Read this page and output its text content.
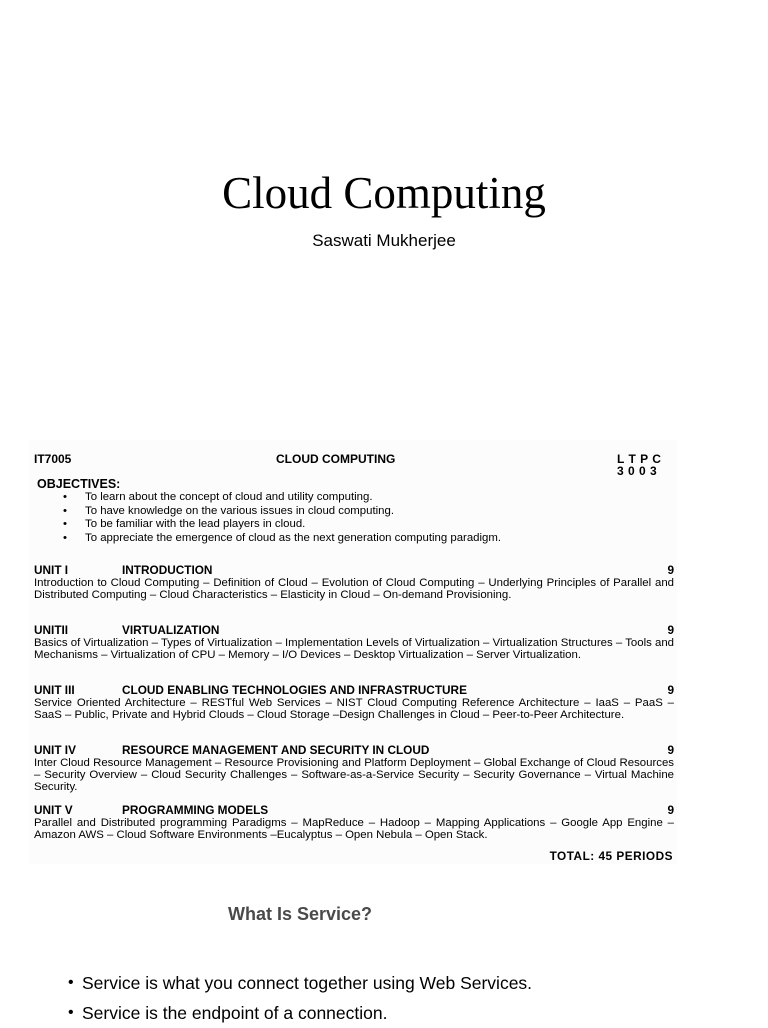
Cloud Computing
Saswati Mukherjee
IT7005	CLOUD COMPUTING	L T P C
3 0 0 3
OBJECTIVES:
• To learn about the concept of cloud and utility computing.
• To have knowledge on the various issues in cloud computing.
• To be familiar with the lead players in cloud.
• To appreciate the emergence of cloud as the next generation computing paradigm.
UNIT I	INTRODUCTION	9
Introduction to Cloud Computing – Definition of Cloud – Evolution of Cloud Computing – Underlying Principles of Parallel and Distributed Computing – Cloud Characteristics – Elasticity in Cloud – On-demand Provisioning.
UNITII	VIRTUALIZATION	9
Basics of Virtualization – Types of Virtualization – Implementation Levels of Virtualization – Virtualization Structures – Tools and Mechanisms – Virtualization of CPU – Memory – I/O Devices – Desktop Virtualization – Server Virtualization.
UNIT III	CLOUD ENABLING TECHNOLOGIES AND INFRASTRUCTURE	9
Service Oriented Architecture – RESTful Web Services – NIST Cloud Computing Reference Architecture – IaaS – PaaS – SaaS – Public, Private and Hybrid Clouds – Cloud Storage –Design Challenges in Cloud – Peer-to-Peer Architecture.
UNIT IV	RESOURCE MANAGEMENT AND SECURITY IN CLOUD	9
Inter Cloud Resource Management – Resource Provisioning and Platform Deployment – Global Exchange of Cloud Resources – Security Overview – Cloud Security Challenges – Software-as-a-Service Security – Security Governance – Virtual Machine Security.
UNIT V	PROGRAMMING MODELS	9
Parallel and Distributed programming Paradigms – MapReduce – Hadoop – Mapping Applications – Google App Engine – Amazon AWS – Cloud Software Environments –Eucalyptus – Open Nebula – Open Stack.
TOTAL: 45 PERIODS
What Is Service?
• Service is what you connect together using Web Services.
• Service is the endpoint of a connection.
